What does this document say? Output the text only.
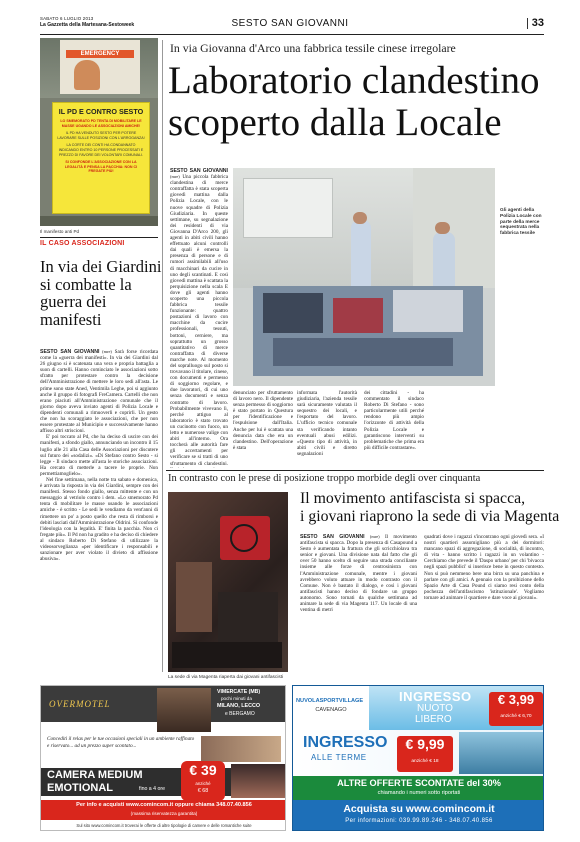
SABATO 6 LUGLIO 2013
La Gazzetta della Martesana-Sestoweek	SESTO SAN GIOVANNI	33
EMERGENCY
IL PD E CONTRO SESTO
LO SMEMORATO PD TENTA DI MOBILITARE LE MASSE UGANDO LE ASSOCIAZIONI AMICHE!
IL PD HA VENDUTO SESTO PER POTERE LAVORARE SULLE POSIZIONI CON L'ARROGANZA!
LA CORTE DEI CONTI HA CONDANNATO INDICANDO ENTRO 10 PERSONE PROCESSATI E PREZZO DI FAVORE DEI VOLONTARI COMUNALI.
SI CONFONDE L'ASSOCIAZIONE CON LA LEGALITÀ E PENSA LA PACCHIA: NON CI FREGATE PIÙ!
Il manifesto anti Pd
IL CASO ASSOCIAZIONI
In via dei Giardini si combatte la guerra dei manifesti

SESTO SAN GIOVANNI (mre) Sarà forse ricordata come la «guerra dei manifesti». In via dei Giardini dal 26 giugno si è scatenata una vera e propria battaglia a suon di cartelli. Hanno cominciato le associazioni sotto sfratto per protestare contro la decisione dell'Amministrazione di mettere le loro sedi all'asta. Le prime sono state Aned, Ventimila Leghe, poi si aggiunto anche il gruppo di fotografi FreCamera. Cartelli che non erano piaciuti all'Amministrazione comunale che il giorno dopo aveva inviato agenti di Polizia Locale e dipendenti comunali a rimuoverli e coprirli. Un gesto che non ha scoraggiato le associazioni, che per non essere protestate al Municipio e successivamente hanno affisso altri striscioni.

E' poi toccato al Pd, che ha deciso di uscire con dei manifesti, a sfondo giallo, annunciando un incontro il 15 luglio alle 21 alla Casa delle Associazioni per discutere sul futuro dei «sodalizi». «Di Stefano contro Sesto - si legge - Il sindaco mette all'asta le storiche associazioni. Ha cercato di metterle a tacere le proprie. Non permettiamoglielo».

Nel fine settimana, nella notte tra sabato e domenica, è arrivata la risposta in via dei Giardini, sempre con dei manifesti. Stesso fondo giallo, senza mittente e con un messaggio al vetriolo contro i dem. «Lo smemorato Pd tenta di mobilitare le masse usando le associazioni amiche - è scritto - Le sedi le vendiamo da vent'anni di rimettere un po' a posto quello che resta di rimborsi e debiti lasciati dall'Amministrazione Oldrini. Si confonde l'ideologia con la legalità. E' finita la pacchia. Non ci fregate più». Il Pd non ha gradito e ha deciso di chiedere al sindaco Roberto Di Stefano di utilizzare la videosorveglianza «per identificare i responsabili e sanzionare per aver violato il divieto di affissione abusiva».

In via Giovanna d'Arco una fabbrica tessile cinese irregolare
Laboratorio clandestino
scoperto dalla Locale

SESTO SAN GIOVANNI (mre) Una piccola fabbrica clandestina di merce contraffatta è stata scoperta giovedì mattina dalla Polizia Locale, con le nuove squadre di Polizia Giudiziaria. In queste settimane, su segnalazione dei residenti di via Giovanna D'Arco 200, gli agenti in abiti civili hanno effettuato alcuni controlli dai quali è emersa la presenza di persone e di rumori assimilabili all'uso di macchinari da cucire in uno degli scantinati. E così giovedì mattina è scattata la perquisizione nella scala E dove gli agenti hanno scoperto una piccola fabbrica tessile funzionante: quattro postazioni di lavoro con macchine da cucire professionali, tessuti, bottoni, cerniere, ma soprattutto un grosso quantitativo di merce contraffatta di diverse marche note. Al momento del sopralluogo sul posto si trovavano il titolare, cinese, con documenti e permesso di soggiorno regolare, e due lavoratori, di cui uno senza documenti e senza contratto di lavoro. Probabilmente vivevano lì, perché attiguo al laboratorio è stato trovato un cucinotto con fuoco, un letto e numerose valige con abiti all'interno. Ora toccherà alle autorità fare gli accertamenti per verificare se si tratti di uno sfruttamento di clandestini.

Gli agenti della Polizia Locale con parte della merce sequestrata nella fabbrica tessile

denunciato per sfruttamento di lavoro nero. Il dipendente senza permesso di soggiorno è stato portato in Questura per l'identificazione e l'espulsione dall'Italia. Anche per lui è scattata una denuncia data che era un clandestino. Dell'operazione è stata

informata l'autorità giudiziaria, l'azienda tessile sarà sicuramente valutata il sequestro dei locali, e l'esportato del lavoro. L'ufficio tecnico comunale sta verificando intanto eventuali abusi edilizi. «Questo tipo di attività, in abiti civili e diretto segnalazioni

dei cittadini - ha commentato il sindaco Roberto Di Stefano - sono particolarmente utili perché rendono più ampio l'orizzonte di attività della Polizia Locale e garantiscono interventi su problematiche che prima era più difficile contrastare».

In contrasto con le prese di posizione troppo morbide degli over cinquanta
La sede di via Magenta riaperta dai giovani antifascisti
Il movimento antifascista si spacca,
i giovani riaprono la sede di via Magenta

SESTO SAN GIOVANNI (mre) Il movimento antifascista si spacca. Dopo la presenza di Casapound a Sesto è aumentata la frattura che gli scricchiolava tra senior e giovani. Una divisione nata dal fatto che gli over 50 hanno scelto di seguire una strada conciliante insieme alle forze di centrosinistra con l'Amministrazione comunale, mentre i giovani avrebbero voluto attuare in modo contrasto con il Comune. Non è bastato il dialogo, e così i giovani antifascisti hanno deciso di fondare un gruppo autonomo. Sono tornati da qualche settimana ad animare la sede di via Magenta 117. Un locale di una ventina di metri

quadrati dove i ragazzi s'incontrano ogni giovedì sera. «I nostri quartieri assomigliano più a dei dormitori: mancano spazi di aggregazione, di socialità, di incontro, di vita - hanno scritto i ragazzi in un volantino - Cerchiamo che prevede il 'Daspo urbano' per chi 'bivacca negli spazi pubblici' si inserisce bene in questo contesto. Non si può nemmeno bere una birra su una panchina e parlare con gli amici. A gennaio con la proibizione dello Spazio Arte di Casa Pound ci siamo resi conto della pochezza dell'antifascismo 'istituzionale'. Vogliamo tornare ad animare il quartiere e dare voce ai giovani».

OVERMOTEL
VIMERCATE (MB)
pochi minuti da
MILANO, LECCO
e BERGAMO
Concediti il relax per le tue occasioni speciali in un ambiente raffinato e riservato... ad un prezzo super scontato...
CAMERA MEDIUM
EMOTIONAL	fino a 4 ore
€ 39
anziché
€ 68
Per info e acquisti www.comincom.it oppure chiama 348.07.40.856
(massima riservatezza garantita)
Sul sito www.comincom.it troverai le offerte di altre tipologie di camere e delle romantiche suite
NUVOLASPORTVILLAGE
CAVENAGO
INGRESSO
NUOTO
LIBERO
€ 3,99
anziché € 6,70
INGRESSO
ALLE TERME
€ 9,99
anziché € 18
ALTRE OFFERTE SCONTATE del 30%
chiamando i numeri sotto riportati
Acquista su www.comincom.it
Per informazioni: 039.99.89.246 - 348.07.40.856
